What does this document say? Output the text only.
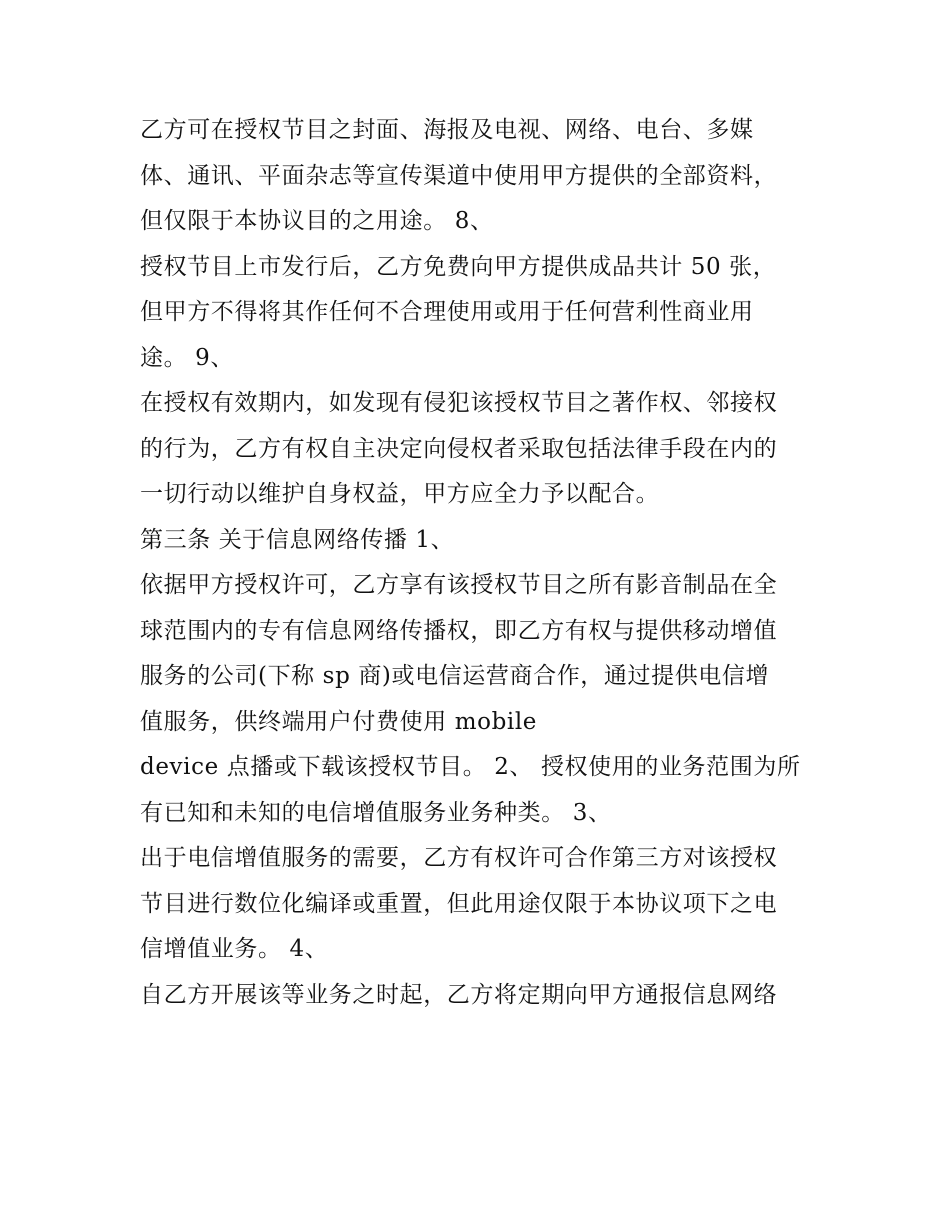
乙方可在授权节目之封面、海报及电视、网络、电台、多媒
体、通讯、平面杂志等宣传渠道中使用甲方提供的全部资料，
但仅限于本协议目的之用途。 8、
授权节目上市发行后，乙方免费向甲方提供成品共计 50 张，
但甲方不得将其作任何不合理使用或用于任何营利性商业用
途。 9、
在授权有效期内，如发现有侵犯该授权节目之著作权、邻接权
的行为，乙方有权自主决定向侵权者采取包括法律手段在内的
一切行动以维护自身权益，甲方应全力予以配合。
第三条 关于信息网络传播 1、
依据甲方授权许可，乙方享有该授权节目之所有影音制品在全
球范围内的专有信息网络传播权，即乙方有权与提供移动增值
服务的公司(下称 sp 商)或电信运营商合作，通过提供电信增
值服务，供终端用户付费使用 mobile
device 点播或下载该授权节目。 2、 授权使用的业务范围为所
有已知和未知的电信增值服务业务种类。 3、
出于电信增值服务的需要，乙方有权许可合作第三方对该授权
节目进行数位化编译或重置，但此用途仅限于本协议项下之电
信增值业务。 4、
自乙方开展该等业务之时起，乙方将定期向甲方通报信息网络
